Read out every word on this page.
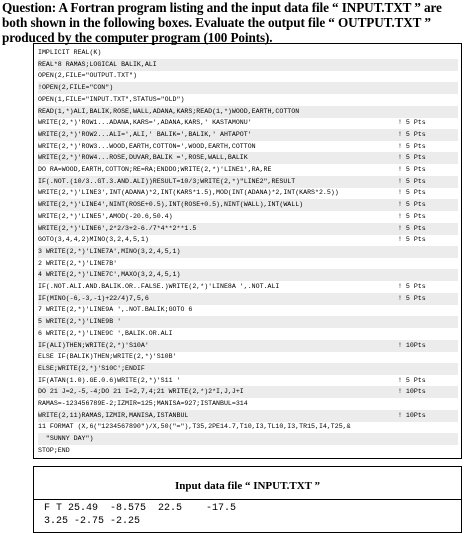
Question: A Fortran program listing and the input data file “ INPUT.TXT ” are both shown in the following boxes. Evaluate the output file “ OUTPUT.TXT ” produced by the computer program (100 Points).
IMPLICIT REAL(K)
REAL*8 RAMAS;LOGICAL BALIK,ALI
OPEN(2,FILE="OUTPUT.TXT")
!OPEN(2,FILE="CON")
OPEN(1,FILE="INPUT.TXT",STATUS="OLD")
READ(1,*)ALI,BALIK,ROSE,WALL,ADANA,KARS;READ(1,*)WOOD,EARTH,COTTON
WRITE(2,*)'ROW1...ADANA,KARS=',ADANA,KARS,' KASTAMONU'	! 5 Pts
WRITE(2,*)'ROW2...ALI=',ALI,' BALIK=',BALIK,' AHTAPOT'	! 5 Pts
WRITE(2,*)'ROW3...WOOD,EARTH,COTTON=',WOOD,EARTH,COTTON	! 5 Pts
WRITE(2,*)'ROW4...ROSE,DUVAR,BALIK =',ROSE,WALL,BALIK	! 5 Pts
DO RA=WOOD,EARTH,COTTON;RE=RA;ENDDO;WRITE(2,*)'LINE1',RA,RE	! 5 Pts
IF(.NOT.(10/3..GT.3.AND.ALI))RESULT=10/3;WRITE(2,*)"LINE2",RESULT	! 5 Pts
WRITE(2,*)'LINE3',INT(ADANA)*2,INT(KARS*1.5),MOD(INT(ADANA)*2,INT(KARS*2.5))	! 5 Pts
WRITE(2,*)'LINE4',NINT(ROSE+0.5),INT(ROSE+0.5),NINT(WALL),INT(WALL)	! 5 Pts
WRITE(2,*)'LINE5',AMOD(-20.6,50.4)	! 5 Pts
WRITE(2,*)'LINE6',2*2/3+2-6./7*4**2**1.5	! 5 Pts
GOTO(3,4,4,2)MINO(3,2,4,5,1)	! 5 Pts
3 WRITE(2,*)'LINE7A',MINO(3,2,4,5,1)
2 WRITE(2,*)'LINE7B'
4 WRITE(2,*)'LINE7C',MAXO(3,2,4,5,1)
IF(.NOT.ALI.AND.BALIK.OR..FALSE.)WRITE(2,*)'LINE8A ',.NOT.ALI	! 5 Pts
IF(MINO(-6,-3,-1)+22/4)7,5,6	! 5 Pts
7 WRITE(2,*)'LINE9A ',.NOT.BALIK;GOTO 6
5 WRITE(2,*)'LINE9B '
6 WRITE(2,*)'LINE9C ',BALIK.OR.ALI
IF(ALI)THEN;WRITE(2,*)'S10A'	! 10Pts
ELSE IF(BALIK)THEN;WRITE(2,*)'S10B'
ELSE;WRITE(2,*)'S10C';ENDIF
IF(ATAN(1.0).GE.0.6)WRITE(2,*)'S11 '	! 5 Pts
DO 21 J=2,-5,-4;DO 21 I=2,7,4;21 WRITE(2,*)2*I,J,J+I	! 10Pts
RAMAS=-123456789E-2;IZMIR=125;MANISA=927;ISTANBUL=314
WRITE(2,11)RAMAS,IZMIR,MANISA,ISTANBUL	! 10Pts
11 FORMAT (X,6("1234567890")/X,50("="),T35,2PE14.7,T10,I3,TL10,I3,TR15,I4,T25,&
"SUNNY DAY")
STOP;END
Input data file “ INPUT.TXT ”
F T 25.49  -8.575  22.5    -17.5
3.25 -2.75 -2.25
